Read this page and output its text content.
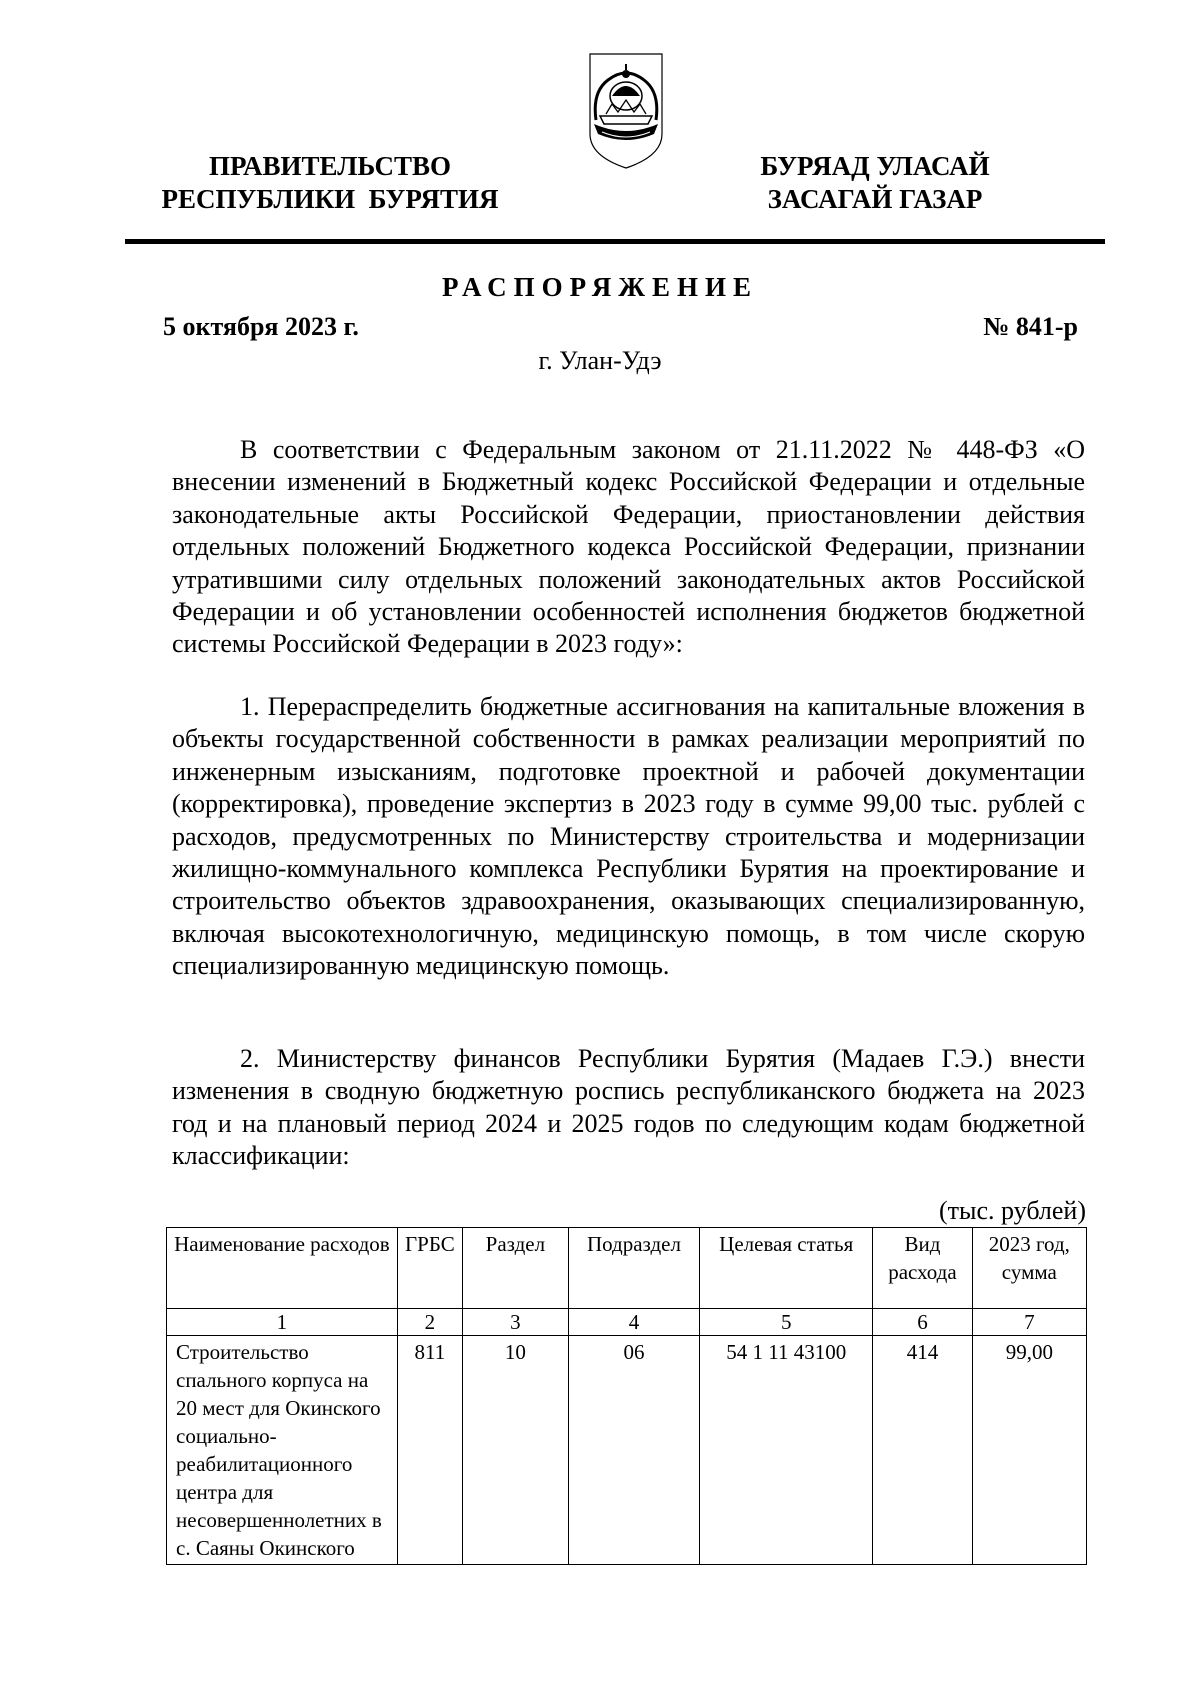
ПРАВИТЕЛЬСТВО
РЕСПУБЛИКИ  БУРЯТИЯ
БУРЯАД УЛАСАЙ
ЗАСАГАЙ ГАЗАР
РАСПОРЯЖЕНИЕ
5 октября 2023 г.	№ 841-р
г. Улан-Удэ

В соответствии с Федеральным законом от 21.11.2022 № 448-ФЗ «О внесении изменений в Бюджетный кодекс Российской Федерации и отдельные законодательные акты Российской Федерации, приостановлении действия отдельных положений Бюджетного кодекса Российской Федерации, признании утратившими силу отдельных положений законодательных актов Российской Федерации и об установлении особенностей исполнения бюджетов бюджетной системы Российской Федерации в 2023 году»:

1. Перераспределить бюджетные ассигнования на капитальные вложения в объекты государственной собственности в рамках реализации мероприятий по инженерным изысканиям, подготовке проектной и рабочей документации (корректировка), проведение экспертиз в 2023 году в сумме 99,00 тыс. рублей с расходов, предусмотренных по Министерству строительства и модернизации жилищно-коммунального комплекса Республики Бурятия на проектирование и строительство объектов здравоохранения, оказывающих специализированную, включая высокотехнологичную, медицинскую помощь, в том числе скорую специализированную медицинскую помощь.

2. Министерству финансов Республики Бурятия (Мадаев Г.Э.) внести изменения в сводную бюджетную роспись республиканского бюджета на 2023 год и на плановый период 2024 и 2025 годов по следующим кодам бюджетной классификации:

(тыс. рублей)
Наименование расходов	ГРБС	Раздел	Подраздел	Целевая статья	Вид расхода	2023 год, сумма
1	2	3	4	5	6	7
Строительство спального корпуса на 20 мест для Окинского социально-реабилитационного центра для несовершеннолетних в с. Саяны Окинского	811	10	06	54 1 11 43100	414	99,00
